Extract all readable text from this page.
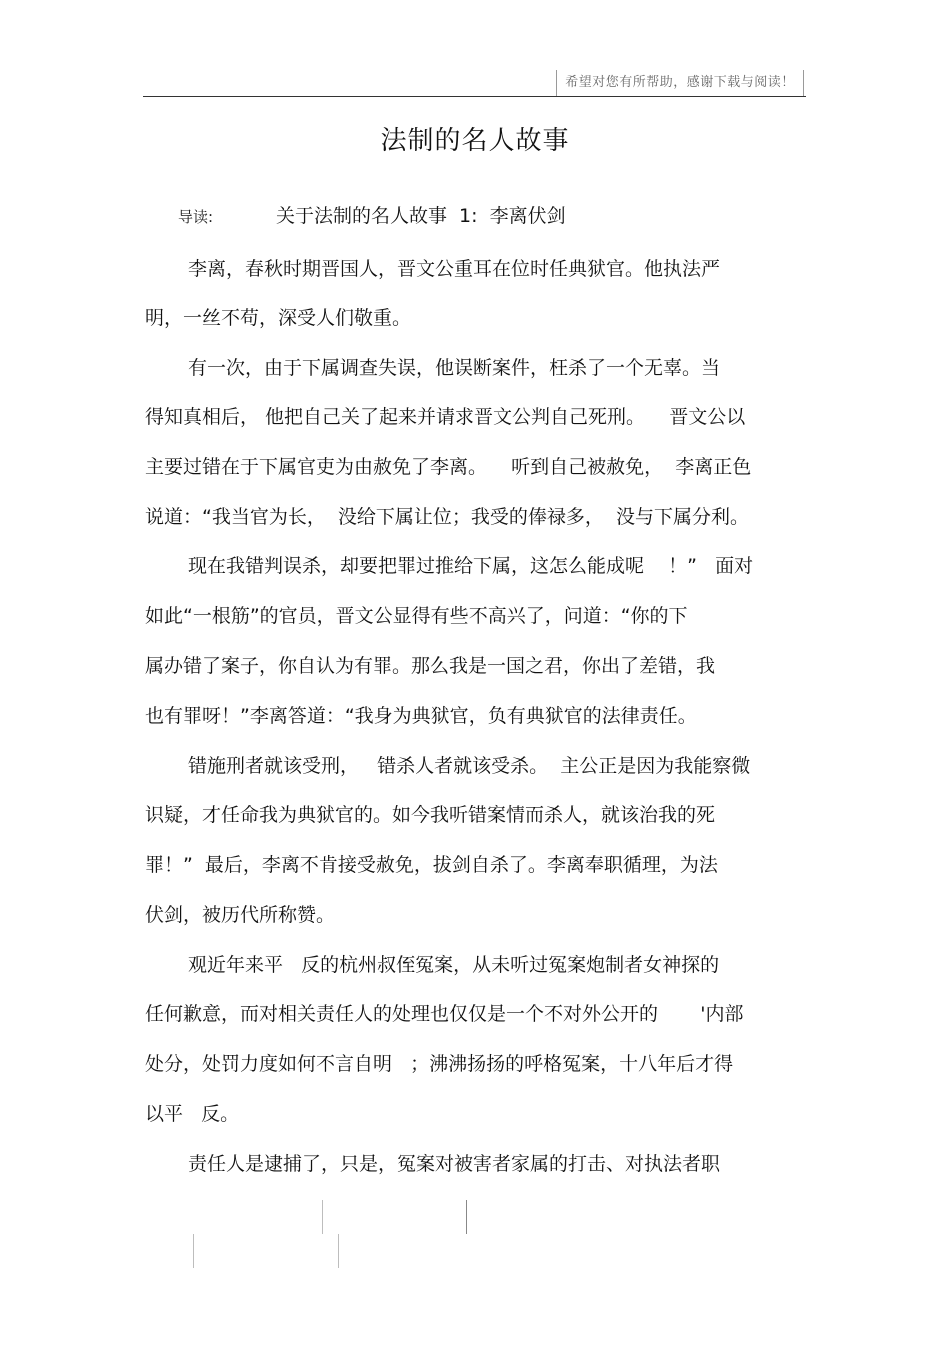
希望对您有所帮助，感谢下载与阅读！
法制的名人故事
导读:	关于法制的名人故事 1: 李离伏剑
李离，春秋时期晋国人，晋文公重耳在位时任典狱官。他执法严
明，一丝不苟，深受人们敬重。
有一次，由于下属调查失误，他误断案件，枉杀了一个无辜。当
得知真相后， 他把自己关了起来并请求晋文公判自己死刑。    晋文公以
主要过错在于下属官吏为由赦免了李离。    听到自己被赦免，  李离正色
说道：“我当官为长，  没给下属让位；我受的俸禄多，  没与下属分利。
现在我错判误杀，却要把罪过推给下属，这怎么能成呢    ！”   面对
如此“一根筋”的官员，晋文公显得有些不高兴了，问道：“你的下
属办错了案子，你自认为有罪。那么我是一国之君，你出了差错，我
也有罪呀！”李离答道：“我身为典狱官，负有典狱官的法律责任。
错施刑者就该受刑，   错杀人者就该受杀。  主公正是因为我能察微
识疑，才任命我为典狱官的。如今我听错案情而杀人，就该治我的死
罪！”  最后，李离不肯接受赦免，拔剑自杀了。李离奉职循理，为法
伏剑，被历代所称赞。
观近年来平   反的杭州叔侄冤案，从未听过冤案炮制者女神探的
任何歉意，而对相关责任人的处理也仅仅是一个不对外公开的       '内部
处分，处罚力度如何不言自明   ；沸沸扬扬的呼格冤案，十八年后才得
以平   反。
责任人是逮捕了，只是，冤案对被害者家属的打击、对执法者职
